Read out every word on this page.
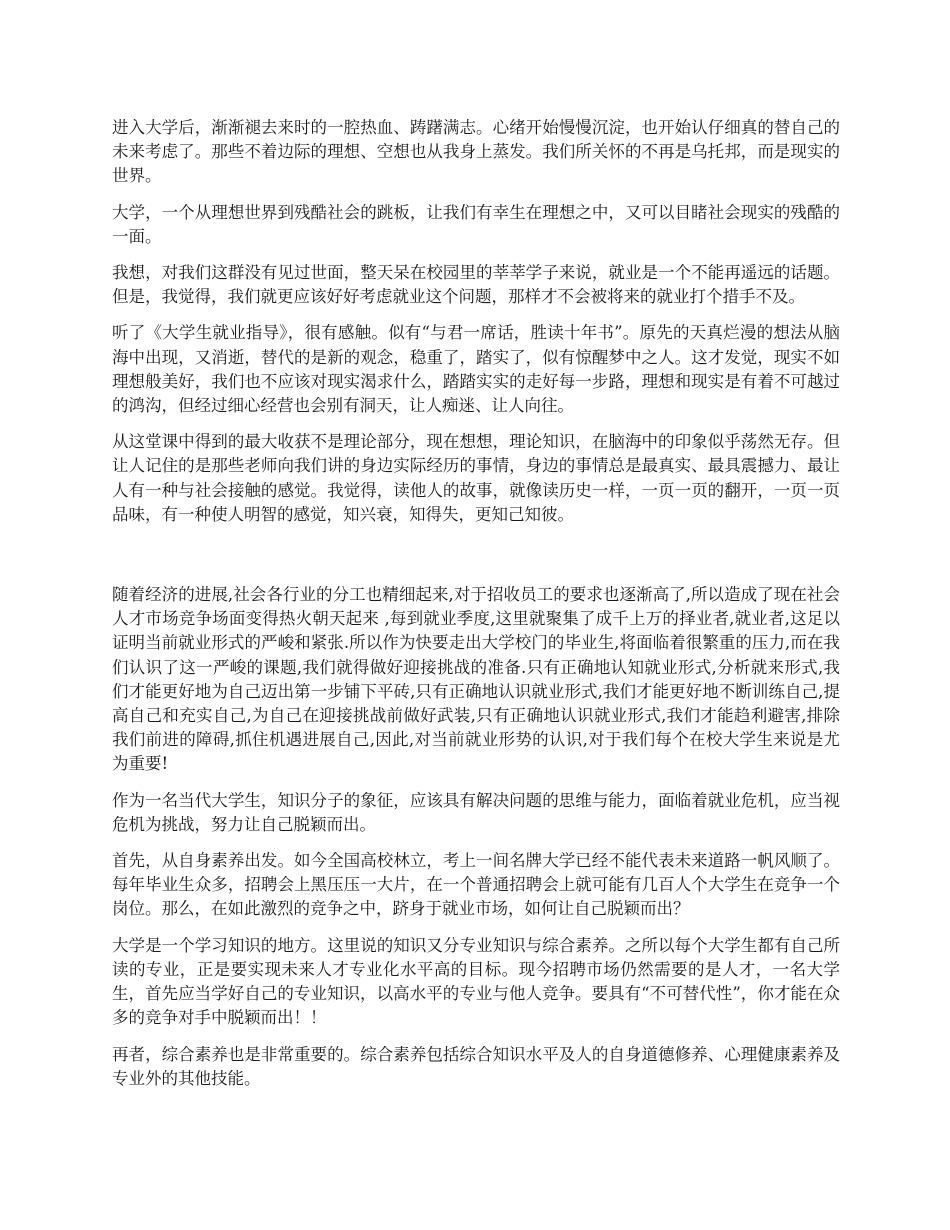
进入大学后，渐渐褪去来时的一腔热血、踌躇满志。心绪开始慢慢沉淀，也开始认仔细真的替自己的未来考虑了。那些不着边际的理想、空想也从我身上蒸发。我们所关怀的不再是乌托邦，而是现实的世界。

大学，一个从理想世界到残酷社会的跳板，让我们有幸生在理想之中，又可以目睹社会现实的残酷的一面。

我想，对我们这群没有见过世面，整天呆在校园里的莘莘学子来说，就业是一个不能再遥远的话题。但是，我觉得，我们就更应该好好考虑就业这个问题，那样才不会被将来的就业打个措手不及。

听了《大学生就业指导》，很有感触。似有“与君一席话，胜读十年书”。原先的天真烂漫的想法从脑海中出现，又消逝，替代的是新的观念，稳重了，踏实了，似有惊醒梦中之人。这才发觉，现实不如理想般美好，我们也不应该对现实渴求什么，踏踏实实的走好每一步路，理想和现实是有着不可越过的鸿沟，但经过细心经营也会别有洞天，让人痴迷、让人向往。

从这堂课中得到的最大收获不是理论部分，现在想想，理论知识，在脑海中的印象似乎荡然无存。但让人记住的是那些老师向我们讲的身边实际经历的事情，身边的事情总是最真实、最具震撼力、最让人有一种与社会接触的感觉。我觉得，读他人的故事，就像读历史一样，一页一页的翻开，一页一页品味，有一种使人明智的感觉，知兴衰，知得失，更知己知彼。

随着经济的进展,社会各行业的分工也精细起来,对于招收员工的要求也逐渐高了,所以造成了现在社会人才市场竞争场面变得热火朝天起来 ,每到就业季度,这里就聚集了成千上万的择业者,就业者,这足以证明当前就业形式的严峻和紧张.所以作为快要走出大学校门的毕业生,将面临着很繁重的压力,而在我们认识了这一严峻的课题,我们就得做好迎接挑战的准备.只有正确地认知就业形式,分析就来形式,我们才能更好地为自己迈出第一步铺下平砖,只有正确地认识就业形式,我们才能更好地不断训练自己,提高自己和充实自己,为自己在迎接挑战前做好武装,只有正确地认识就业形式,我们才能趋利避害,排除我们前进的障碍,抓住机遇进展自己,因此,对当前就业形势的认识,对于我们每个在校大学生来说是尤为重要!

作为一名当代大学生，知识分子的象征，应该具有解决问题的思维与能力，面临着就业危机，应当视危机为挑战，努力让自己脱颖而出。

首先，从自身素养出发。如今全国高校林立，考上一间名牌大学已经不能代表未来道路一帆风顺了。每年毕业生众多，招聘会上黑压压一大片，在一个普通招聘会上就可能有几百人个大学生在竞争一个岗位。那么，在如此激烈的竞争之中，跻身于就业市场，如何让自己脱颖而出？

大学是一个学习知识的地方。这里说的知识又分专业知识与综合素养。之所以每个大学生都有自己所读的专业，正是要实现未来人才专业化水平高的目标。现今招聘市场仍然需要的是人才，一名大学生，首先应当学好自己的专业知识，以高水平的专业与他人竞争。要具有“不可替代性”，你才能在众多的竞争对手中脱颖而出！！

再者，综合素养也是非常重要的。综合素养包括综合知识水平及人的自身道德修养、心理健康素养及专业外的其他技能。
